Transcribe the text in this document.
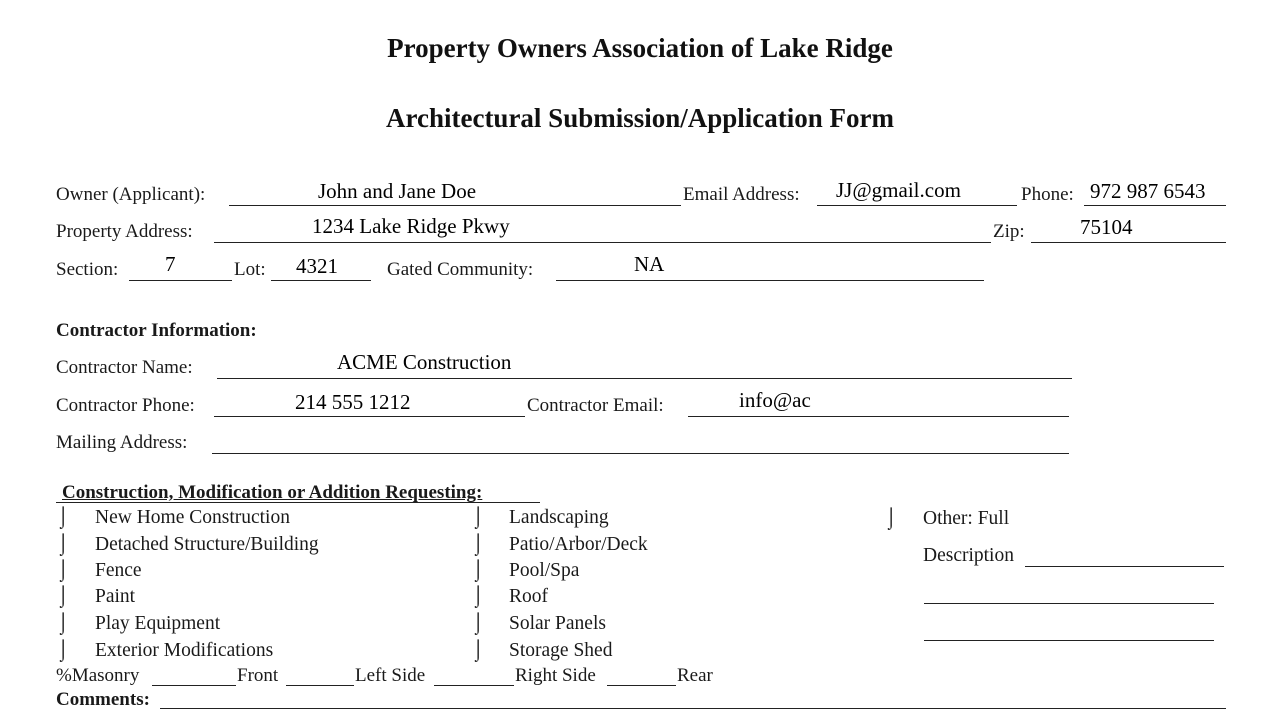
Property Owners Association of Lake Ridge
Architectural Submission/Application Form
Owner (Applicant):	John and Jane Doe	Email Address: JJ@gmail.com	Phone: 972 987 6543
Property Address:	1234 Lake Ridge Pkwy	Zip:	75104
Section: 7	Lot: 4321	Gated Community:	NA
Contractor Information:
Contractor Name:	ACME Construction
Contractor Phone:	214 555 1212	Contractor Email:	info@ac
Mailing Address:
Construction, Modification or Addition Requesting:
⌡ New Home Construction
⌡ Detached Structure/Building
⌡ Fence
⌡ Paint
⌡ Play Equipment
⌡ Exterior Modifications
⌡ Landscaping
⌡ Patio/Arbor/Deck
⌡ Pool/Spa
⌡ Roof
⌡ Solar Panels
⌡ Storage Shed
⌡ Other: Full
Description
%Masonry	Front	Left Side	Right Side	Rear
Comments:
